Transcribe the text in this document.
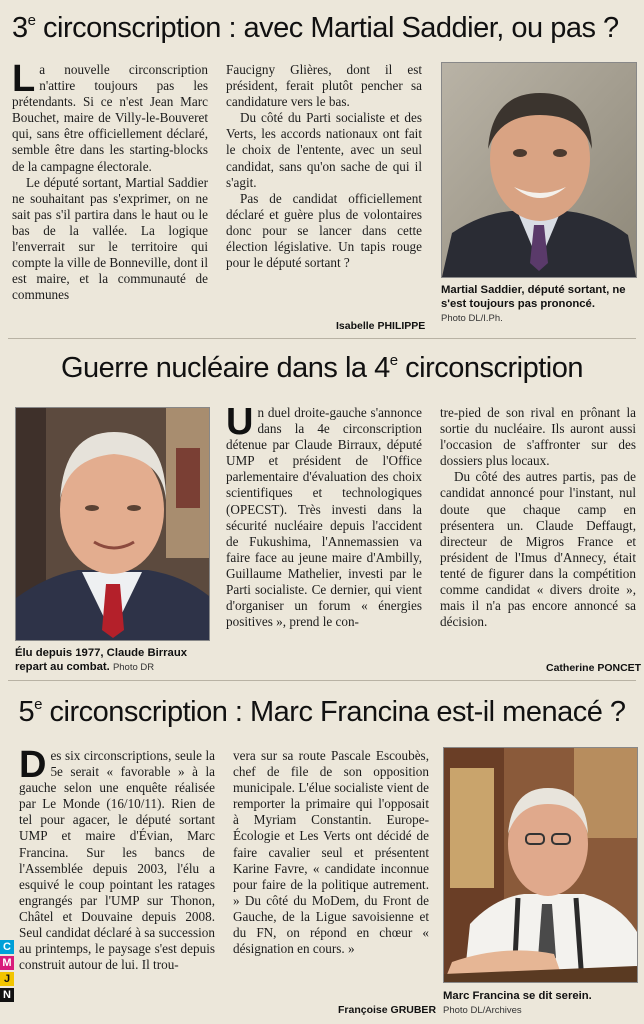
3e circonscription : avec Martial Saddier, ou pas ?

La nouvelle circonscription n'attire toujours pas les prétendants. Si ce n'est Jean Marc Bouchet, maire de Villy-le-Bouveret qui, sans être officiellement déclaré, semble être dans les starting-blocks de la campagne électorale.

Le député sortant, Martial Saddier ne souhaitant pas s'exprimer, on ne sait pas s'il partira dans le haut ou le bas de la vallée. La logique l'enverrait sur le territoire qui compte la ville de Bonneville, dont il est maire, et la communauté de communes

Faucigny Glières, dont il est président, ferait plutôt pencher sa candidature vers le bas.

Du côté du Parti socialiste et des Verts, les accords nationaux ont fait le choix de l'entente, avec un seul candidat, sans qu'on sache de qui il s'agit.

Pas de candidat officiellement déclaré et guère plus de volontaires donc pour se lancer dans cette élection législative. Un tapis rouge pour le député sortant ?

Isabelle PHILIPPE
Martial Saddier, député sortant, ne s'est toujours pas prononcé.
Photo DL/I.Ph.
Guerre nucléaire dans la 4e circonscription
Élu depuis 1977, Claude Birraux repart au combat. Photo DR

Un duel droite-gauche s'annonce dans la 4e circonscription détenue par Claude Birraux, député UMP et président de l'Office parlementaire d'évaluation des choix scientifiques et technologiques (OPECST). Très investi dans la sécurité nucléaire depuis l'accident de Fukushima, l'Annemassien va faire face au jeune maire d'Ambilly, Guillaume Mathelier, investi par le Parti socialiste. Ce dernier, qui vient d'organiser un forum « énergies positives », prend le con-

tre-pied de son rival en prônant la sortie du nucléaire. Ils auront aussi l'occasion de s'affronter sur des dossiers plus locaux.

Du côté des autres partis, pas de candidat annoncé pour l'instant, nul doute que chaque camp en présentera un. Claude Deffaugt, directeur de Migros France et président de l'Imus d'Annecy, était tenté de figurer dans la compétition comme candidat « divers droite », mais il n'a pas encore annoncé sa décision.

Catherine PONCET
5e circonscription : Marc Francina est-il menacé ?

Des six circonscriptions, seule la 5e serait « favorable » à la gauche selon une enquête réalisée par Le Monde (16/10/11). Rien de tel pour agacer, le député sortant UMP et maire d'Évian, Marc Francina. Sur les bancs de l'Assemblée depuis 2003, l'élu a esquivé le coup pointant les ratages engrangés par l'UMP sur Thonon, Châtel et Douvaine depuis 2008. Seul candidat déclaré à sa succession au printemps, le paysage s'est depuis construit autour de lui. Il trou-

vera sur sa route Pascale Escoubès, chef de file de son opposition municipale. L'élue socialiste vient de remporter la primaire qui l'opposait à Myriam Constantin. Europe-Écologie et Les Verts ont décidé de faire cavalier seul et présentent Karine Favre, « candidate inconnue pour faire de la politique autrement. » Du côté du MoDem, du Front de Gauche, de la Ligue savoisienne et du FN, on répond en chœur « désignation en cours. »

Françoise GRUBER
Marc Francina se dit serein.
Photo DL/Archives
C
M
J
N
